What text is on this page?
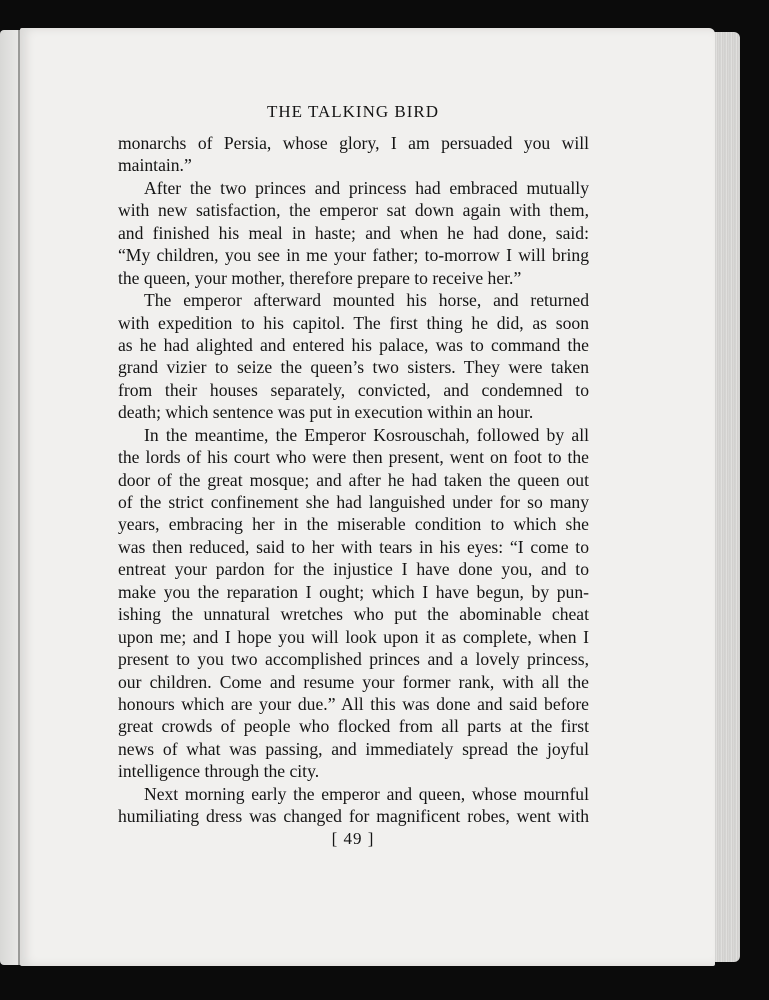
THE TALKING BIRD
monarchs of Persia, whose glory, I am persuaded you will
maintain.”
After the two princes and princess had embraced mutually
with new satisfaction, the emperor sat down again with them,
and finished his meal in haste; and when he had done, said:
“My children, you see in me your father; to-morrow I will bring
the queen, your mother, therefore prepare to receive her.”
The emperor afterward mounted his horse, and returned
with expedition to his capitol. The first thing he did, as soon
as he had alighted and entered his palace, was to command the
grand vizier to seize the queen’s two sisters. They were taken
from their houses separately, convicted, and condemned to
death; which sentence was put in execution within an hour.
In the meantime, the Emperor Kosrouschah, followed by all
the lords of his court who were then present, went on foot to the
door of the great mosque; and after he had taken the queen out
of the strict confinement she had languished under for so many
years, embracing her in the miserable condition to which she
was then reduced, said to her with tears in his eyes: “I come to
entreat your pardon for the injustice I have done you, and to
make you the reparation I ought; which I have begun, by pun-
ishing the unnatural wretches who put the abominable cheat
upon me; and I hope you will look upon it as complete, when I
present to you two accomplished princes and a lovely princess,
our children. Come and resume your former rank, with all the
honours which are your due.” All this was done and said before
great crowds of people who flocked from all parts at the first
news of what was passing, and immediately spread the joyful
intelligence through the city.
Next morning early the emperor and queen, whose mournful
humiliating dress was changed for magnificent robes, went with
[ 49 ]
